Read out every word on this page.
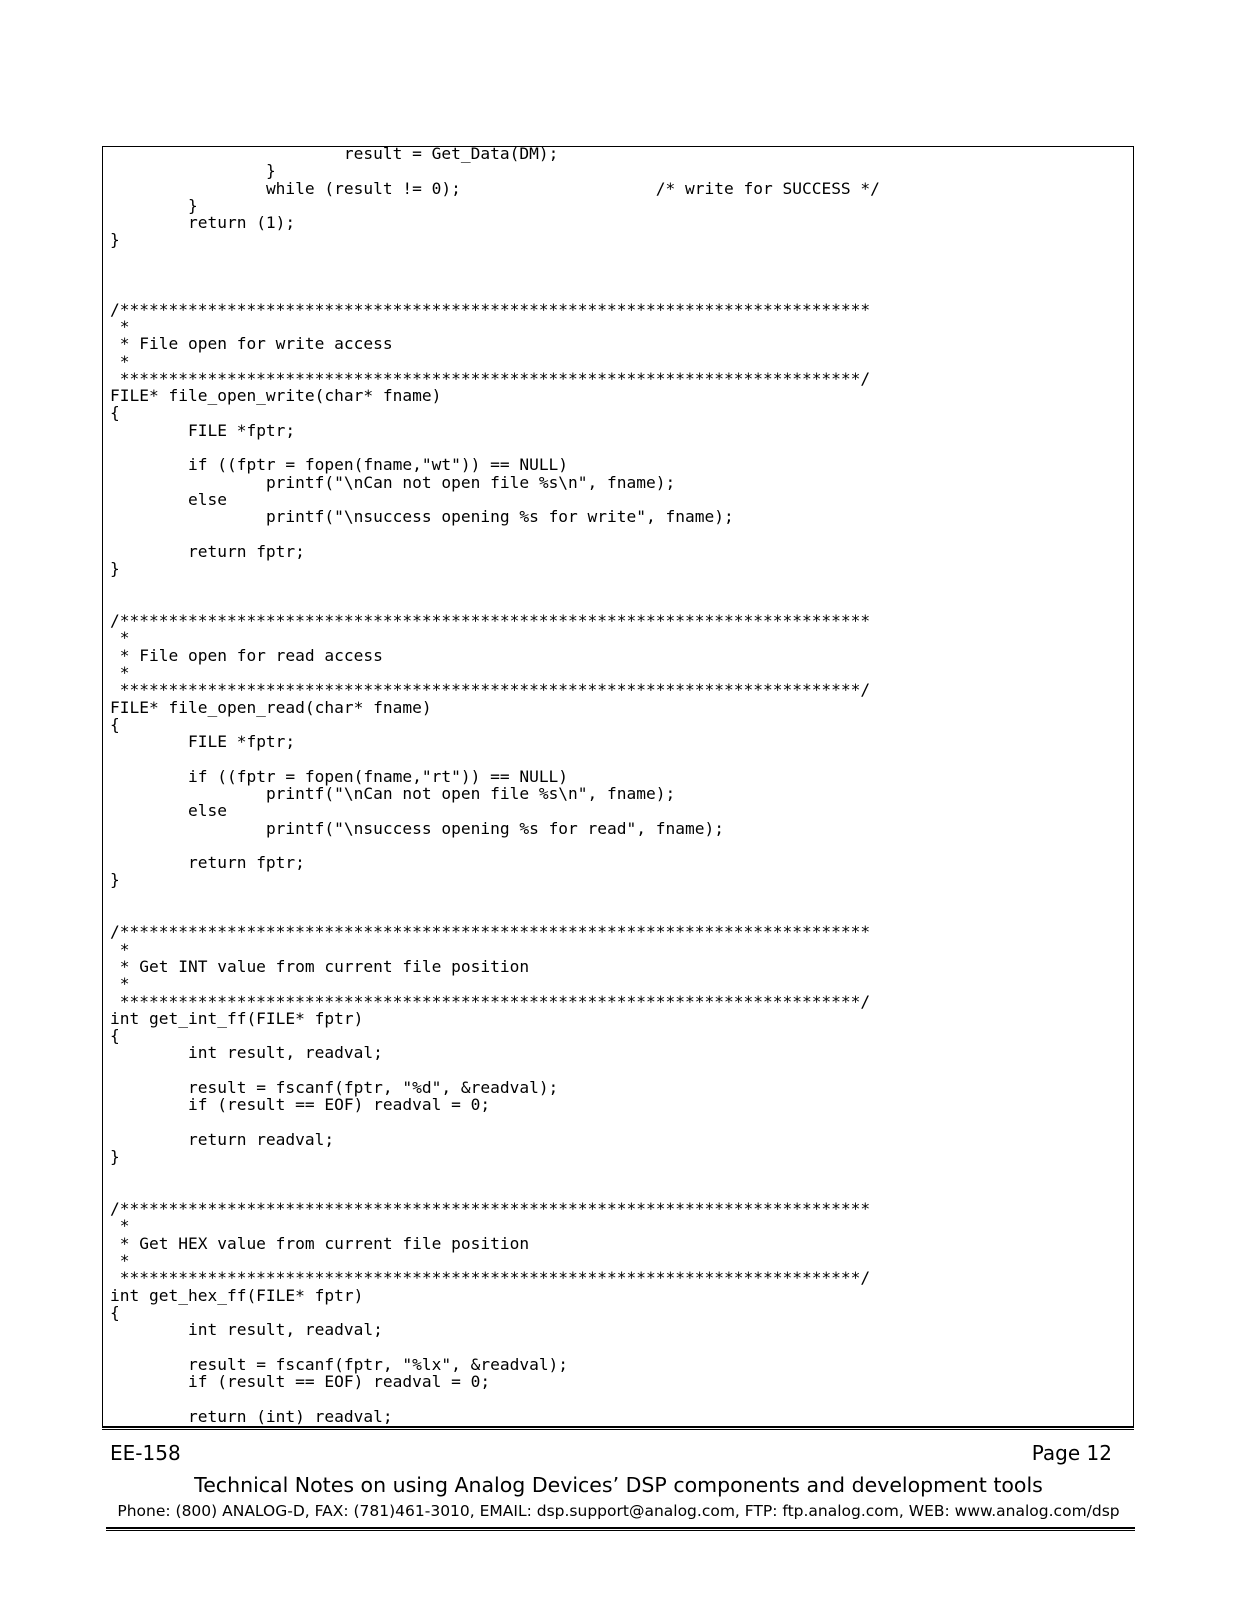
			result = Get_Data(DM);
		}
		while (result != 0);			/* write for SUCCESS */
	}
	return (1);
}

/*****************************************************************************
*
* File open for write access
*
****************************************************************************/
FILE* file_open_write(char* fname)
{
	FILE *fptr;

	if ((fptr = fopen(fname,"wt")) == NULL)
		printf("\nCan not open file %s\n", fname);
	else
		printf("\nsuccess opening %s for write", fname);

	return fptr;
}

/*****************************************************************************
*
* File open for read access
*
****************************************************************************/
FILE* file_open_read(char* fname)
{
	FILE *fptr;

	if ((fptr = fopen(fname,"rt")) == NULL)
		printf("\nCan not open file %s\n", fname);
	else
		printf("\nsuccess opening %s for read", fname);

	return fptr;
}

/*****************************************************************************
*
* Get INT value from current file position
*
****************************************************************************/
int get_int_ff(FILE* fptr)
{
	int result, readval;

	result = fscanf(fptr, "%d", &readval);
	if (result == EOF) readval = 0;

	return readval;
}

/*****************************************************************************
*
* Get HEX value from current file position
*
****************************************************************************/
int get_hex_ff(FILE* fptr)
{
	int result, readval;

	result = fscanf(fptr, "%lx", &readval);
	if (result == EOF) readval = 0;

	return (int) readval;
EE-158	Page 12
Technical Notes on using Analog Devices’ DSP components and development tools
Phone: (800) ANALOG-D, FAX: (781)461-3010, EMAIL: dsp.support@analog.com, FTP: ftp.analog.com, WEB: www.analog.com/dsp
